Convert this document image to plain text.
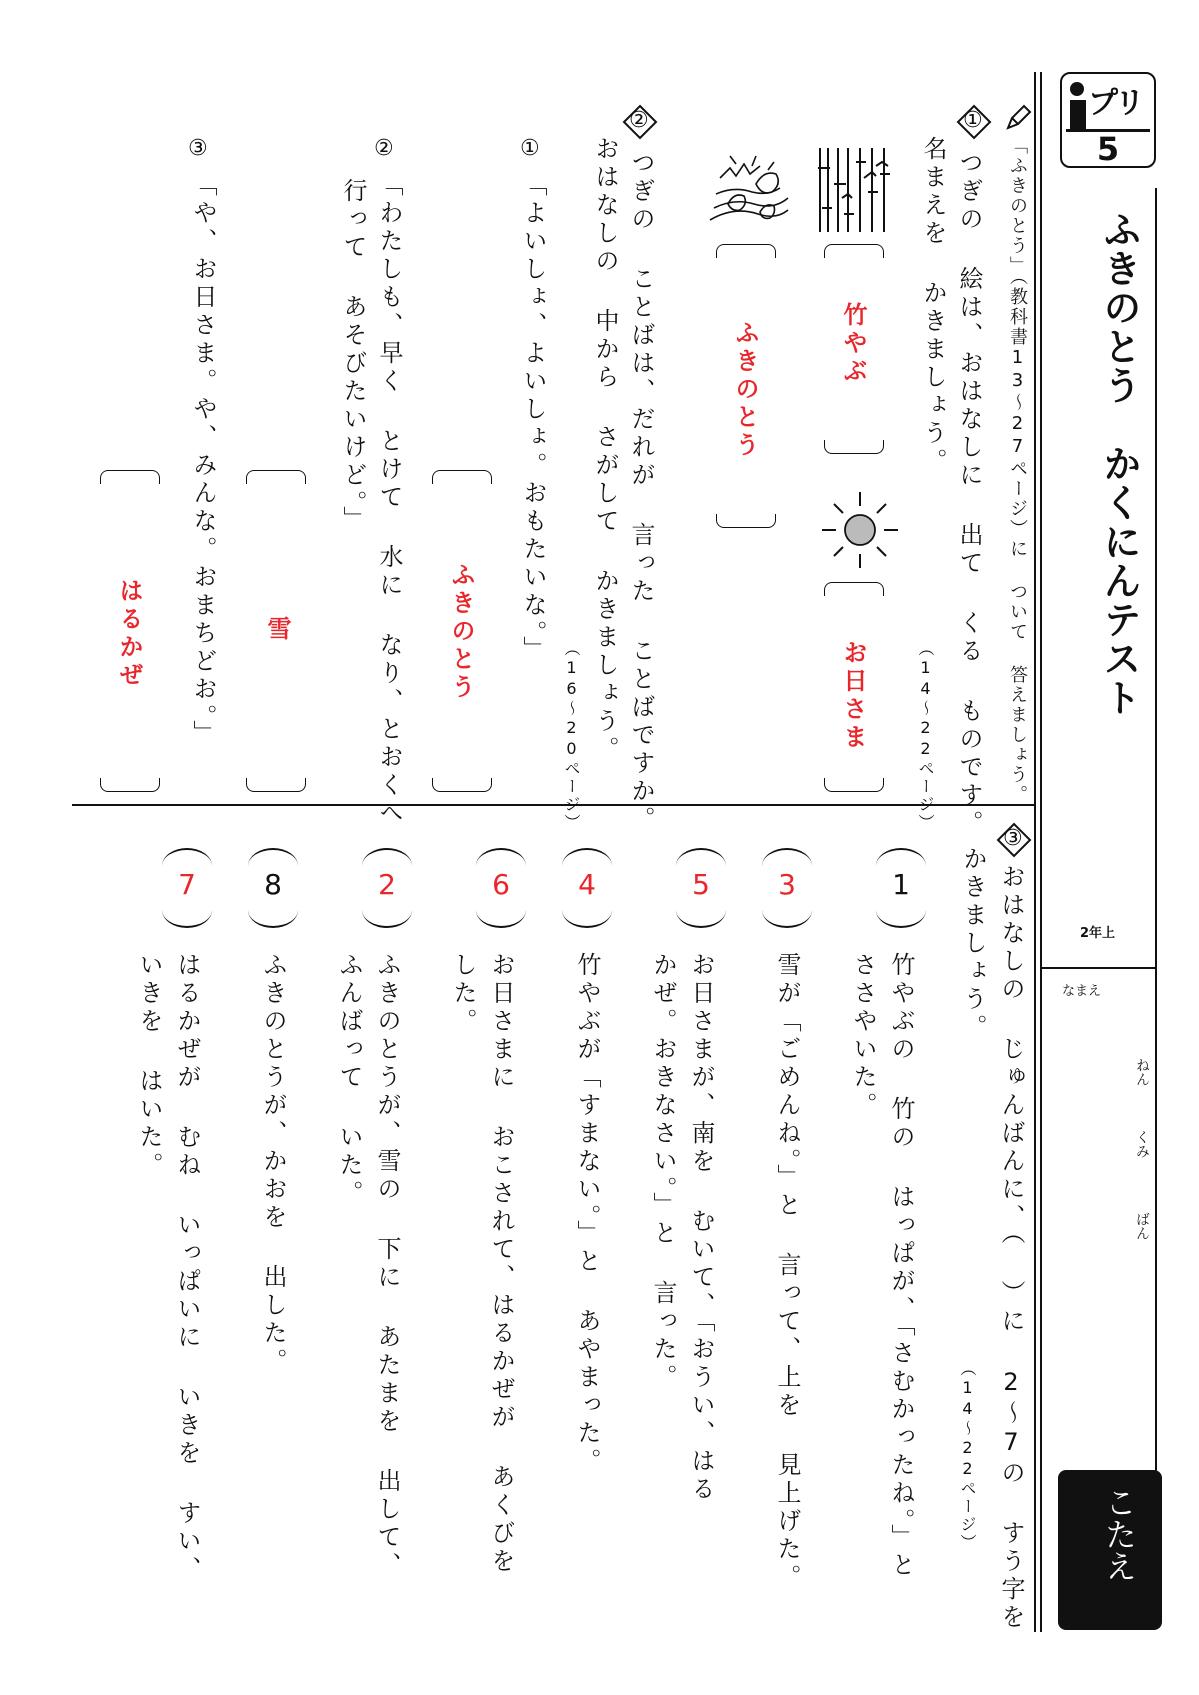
プリ
5
ふきのとう　かくにんテスト
2年上
なまえ
ねん
くみ
ばん
こたえ
「ふきのとう」（教科書13〜27ページ）に ついて 答えましょう。
①
つぎの 絵は、おはなしに 出て くる ものです。
名まえを かきましょう。
（14〜22ページ）
竹やぶ
お日さま
ふきのとう
②
つぎの ことばは、だれが 言った ことばですか。
おはなしの 中から さがして かきましょう。
（16〜20ページ）
①
「よいしょ、よいしょ。おもたいな。」
ふきのとう
②
「わたしも、早く とけて 水に なり、とおくへ
行って あそびたいけど。」
雪
③
「や、お日さま。や、みんな。おまちどお。」
はるかぜ
③
おはなしの じゅんばんに、（ ）に 2〜7の すう字を
かきましょう。
（14〜22ページ）
1
竹やぶの 竹の はっぱが、「さむかったね。」と
ささやいた。
3
雪が「ごめんね。」と 言って、上を 見上げた。
5
お日さまが、南を むいて、「おうい、はる
かぜ。おきなさい。」と 言った。
4
竹やぶが「すまない。」と あやまった。
6
お日さまに おこされて、はるかぜが あくびを
した。
2
ふきのとうが、雪の 下に あたまを 出して、
ふんばって いた。
8
ふきのとうが、かおを 出した。
7
はるかぜが むね いっぱいに いきを すい、
いきを はいた。
